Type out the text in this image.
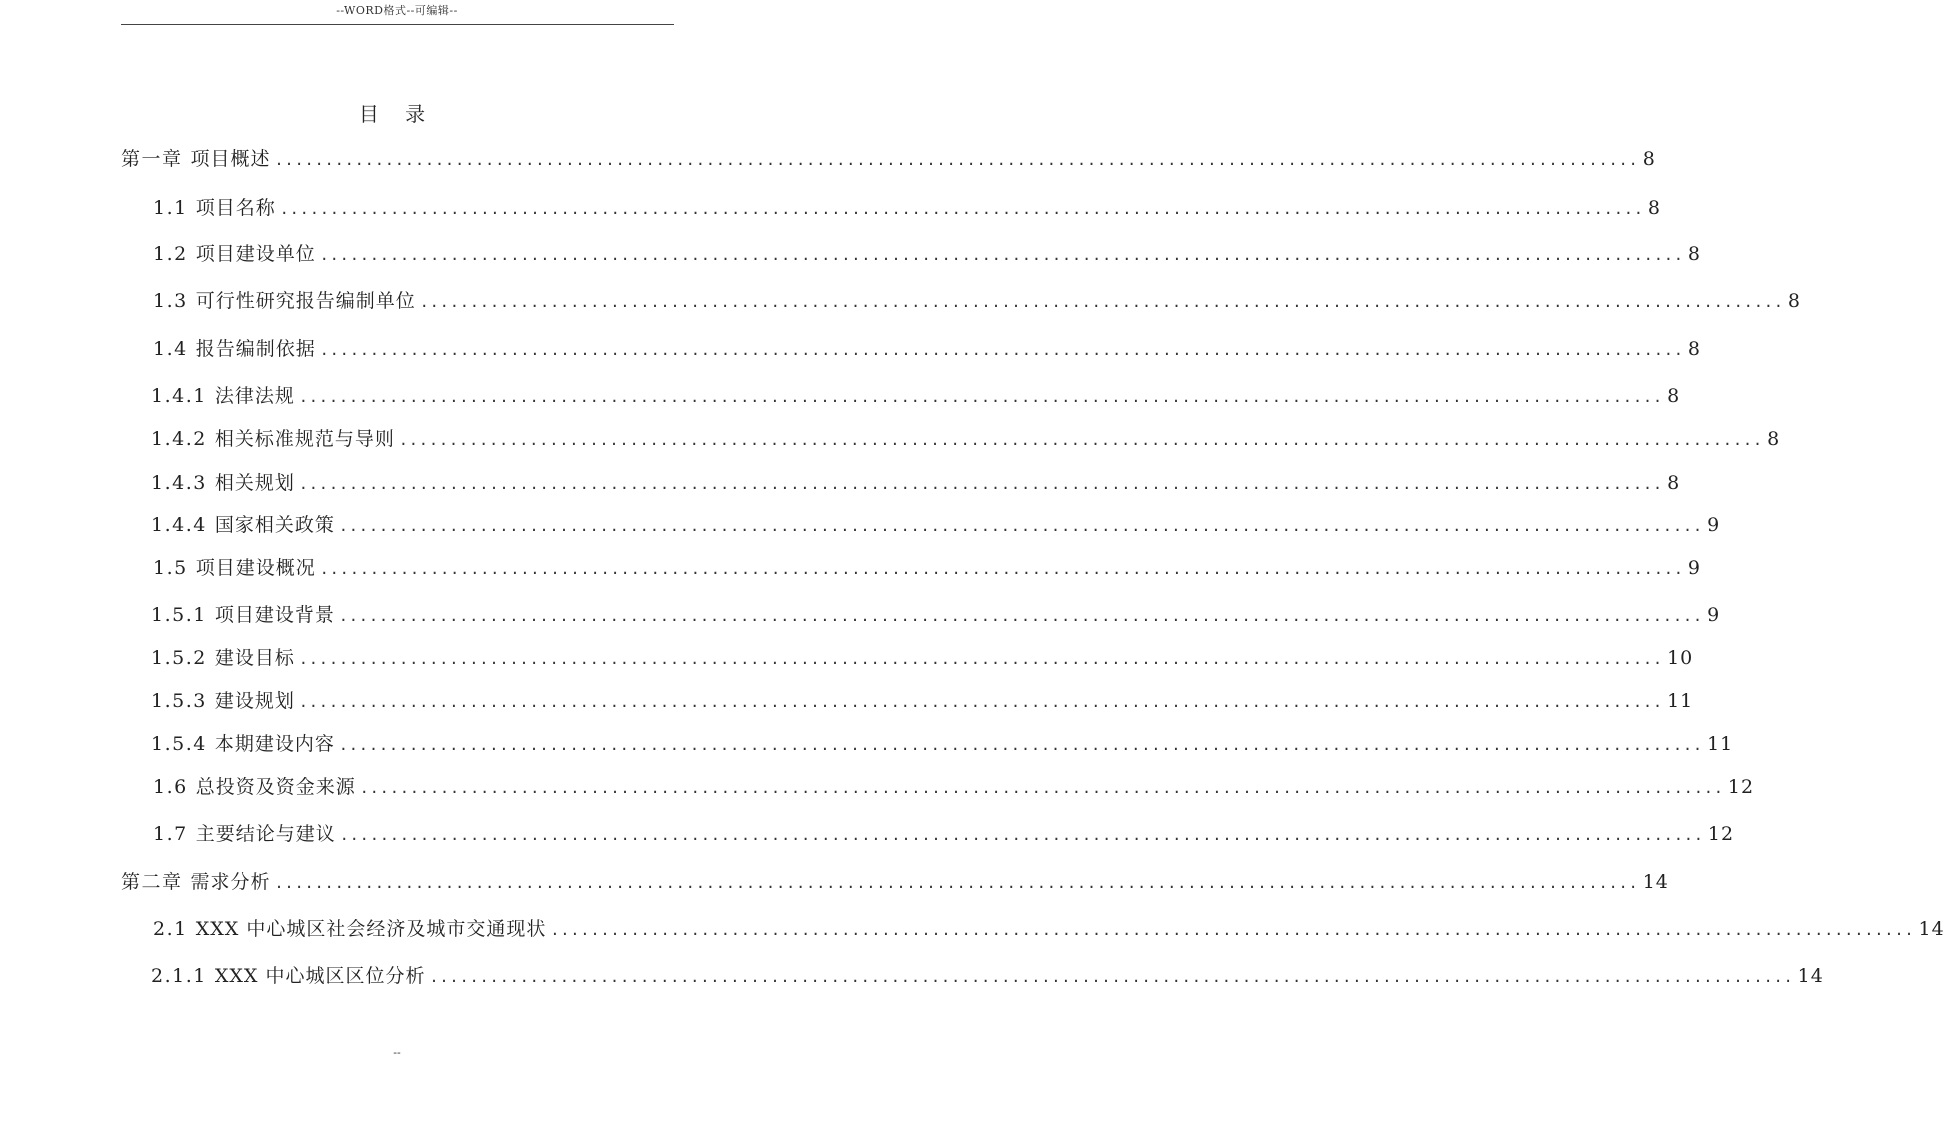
--WORD格式--可编辑--
目 录
第一章 项目概述 ........................................................................................................................................ 8
1.1 项目名称 ........................................................................................................................................ 8
1.2 项目建设单位 ........................................................................................................................................ 8
1.3 可行性研究报告编制单位 ........................................................................................................................................ 8
1.4 报告编制依据 ........................................................................................................................................ 8
1.4.1 法律法规 ........................................................................................................................................ 8
1.4.2 相关标准规范与导则 ........................................................................................................................................ 8
1.4.3 相关规划 ........................................................................................................................................ 8
1.4.4 国家相关政策 ........................................................................................................................................ 9
1.5 项目建设概况 ........................................................................................................................................ 9
1.5.1 项目建设背景 ........................................................................................................................................ 9
1.5.2 建设目标 ........................................................................................................................................ 10
1.5.3 建设规划 ........................................................................................................................................ 11
1.5.4 本期建设内容 ........................................................................................................................................ 11
1.6 总投资及资金来源 ........................................................................................................................................ 12
1.7 主要结论与建议 ........................................................................................................................................ 12
第二章 需求分析 ........................................................................................................................................ 14
2.1 XXX 中心城区社会经济及城市交通现状 ........................................................................................................................................ 14
2.1.1 XXX 中心城区区位分析 ........................................................................................................................................ 14
--
